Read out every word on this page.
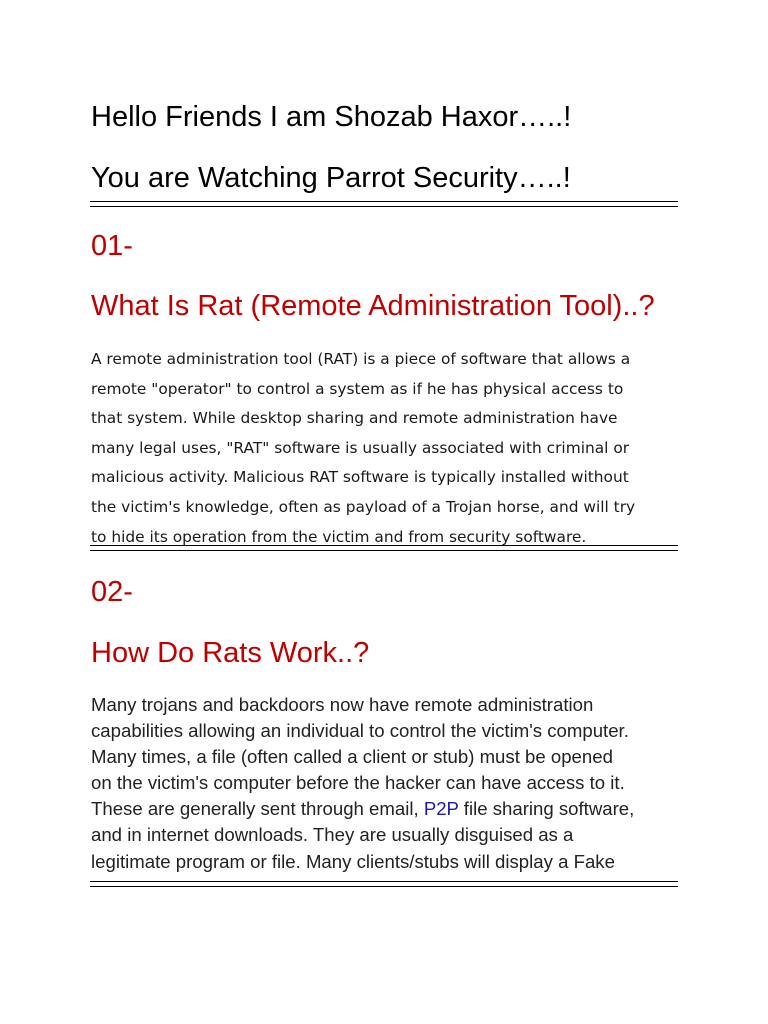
Hello Friends I am Shozab Haxor…..!

You are Watching Parrot Security…..!

01-

What Is Rat (Remote Administration Tool)..?

A remote administration tool (RAT) is a piece of software that allows a
remote "operator" to control a system as if he has physical access to
that system. While desktop sharing and remote administration have
many legal uses, "RAT" software is usually associated with criminal or
malicious activity. Malicious RAT software is typically installed without
the victim's knowledge, often as payload of a Trojan horse, and will try
to hide its operation from the victim and from security software.

02-

How Do Rats Work..?

Many trojans and backdoors now have remote administration
capabilities allowing an individual to control the victim's computer.
Many times, a file (often called a client or stub) must be opened
on the victim's computer before the hacker can have access to it.
These are generally sent through email, P2P file sharing software,
and in internet downloads. They are usually disguised as a
legitimate program or file. Many clients/stubs will display a Fake
